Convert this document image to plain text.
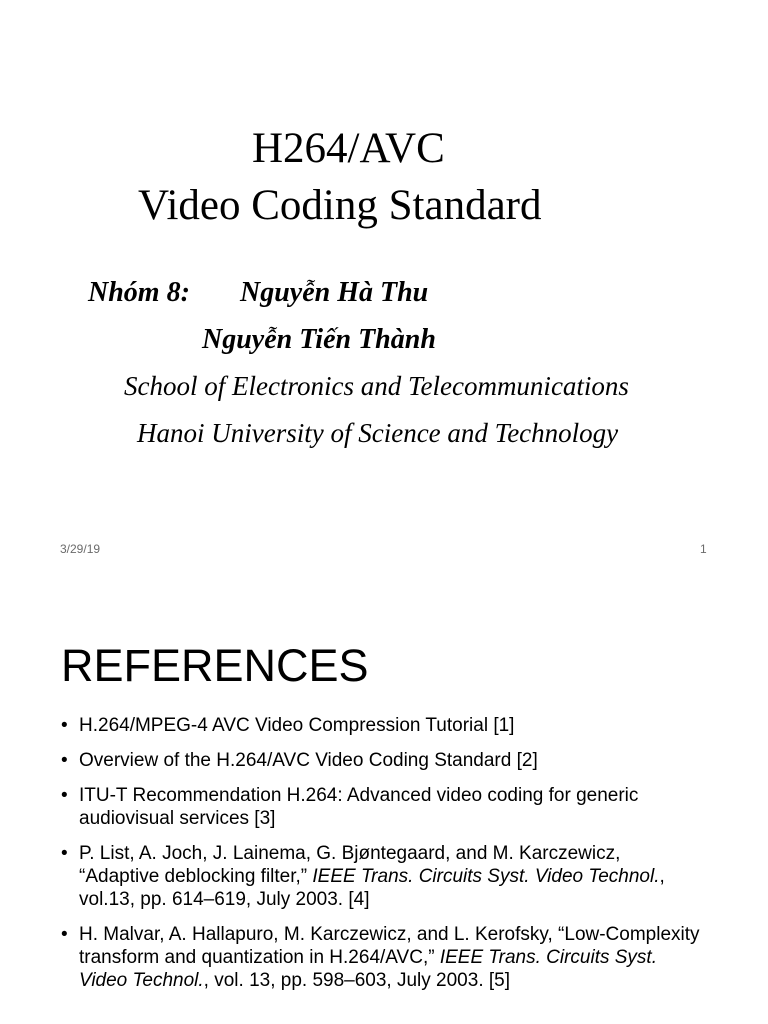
H264/AVC
Video Coding Standard
Nhóm 8: Nguyễn Hà Thu
Nguyễn Tiến Thành
School of Electronics and Telecommunications
Hanoi University of Science and Technology
3/29/19	1
REFERENCES
• H.264/MPEG-4 AVC Video Compression Tutorial [1]
• Overview of the H.264/AVC Video Coding Standard [2]
• ITU-T Recommendation H.264: Advanced video coding for generic audiovisual services [3]
• P. List, A. Joch, J. Lainema, G. Bjøntegaard, and M. Karczewicz, “Adaptive deblocking filter,” IEEE Trans. Circuits Syst. Video Technol., vol.13, pp. 614–619, July 2003. [4]
• H. Malvar, A. Hallapuro, M. Karczewicz, and L. Kerofsky, “Low-Complexity transform and quantization in H.264/AVC,” IEEE Trans. Circuits Syst. Video Technol., vol. 13, pp. 598–603, July 2003. [5]
